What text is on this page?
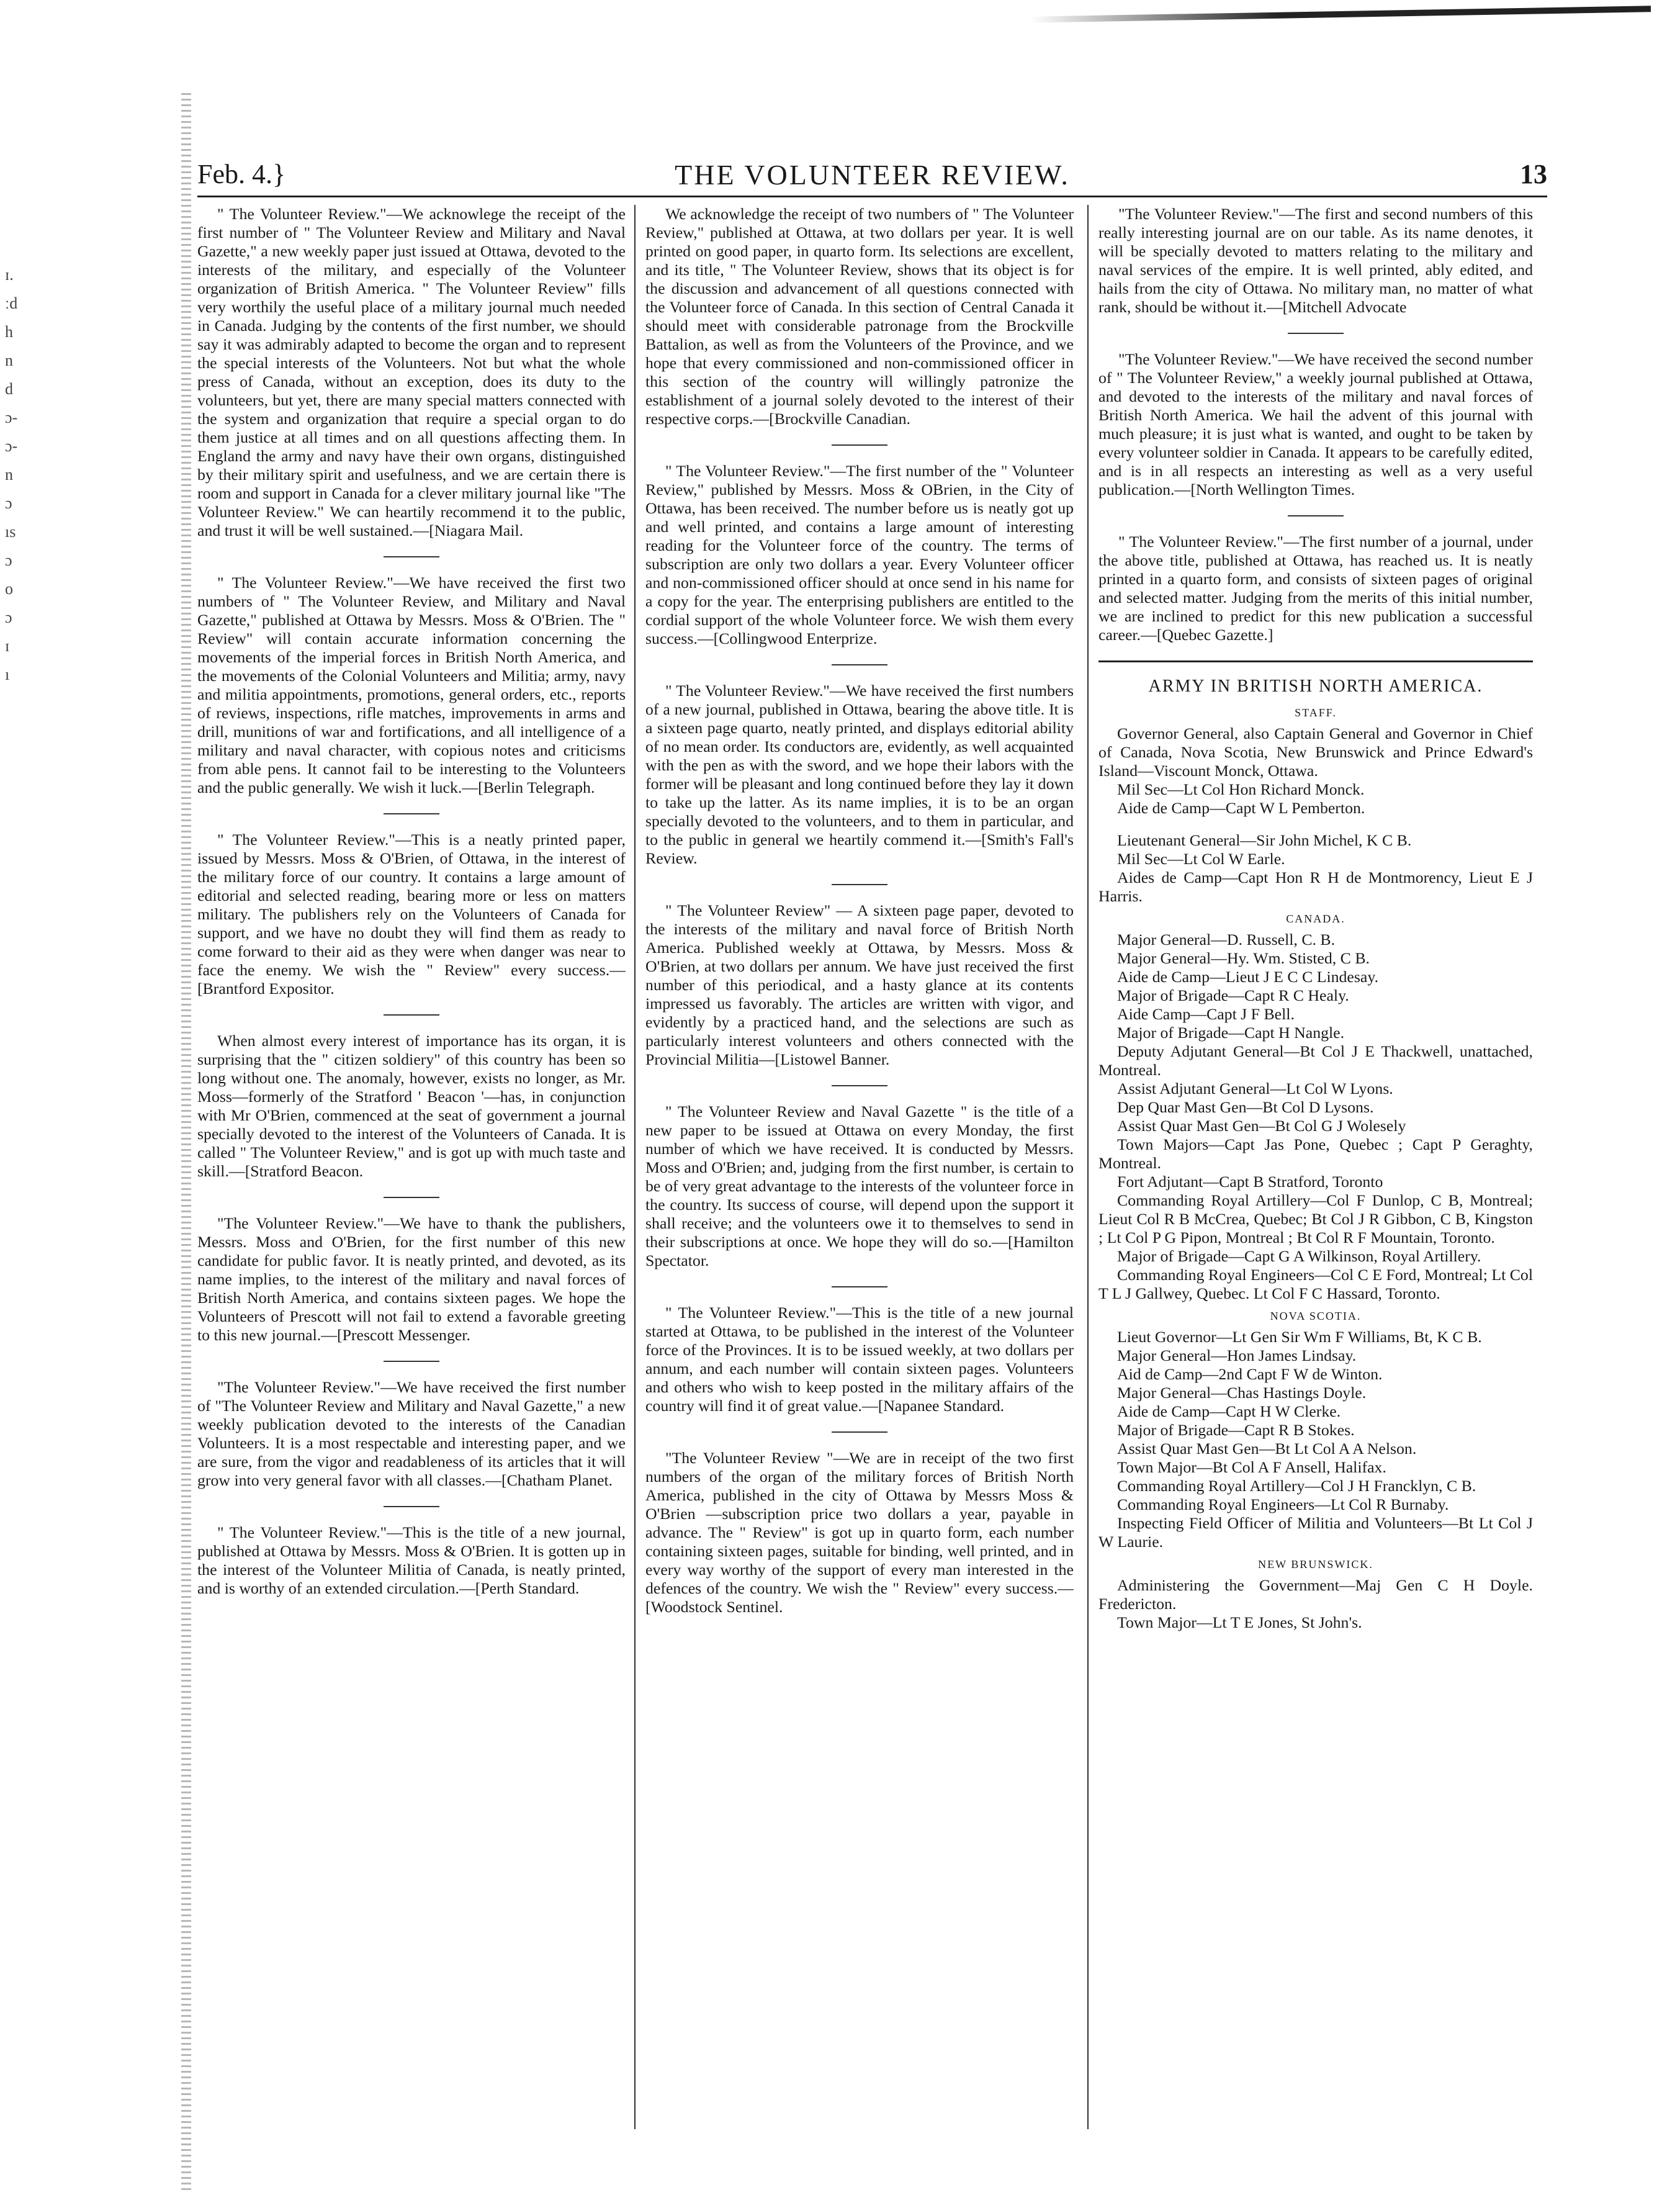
ɪ.
ːd
h
n
d
ɔ-
ɔ-
n
ɔ
ıs
ɔ
o
ɔ
ɪ
ı
Feb. 4.}	THE VOLUNTEER REVIEW.	13

" The Volunteer Review."—We acknowlege the receipt of the first number of " The Volunteer Review and Military and Naval Gazette," a new weekly paper just issued at Ottawa, devoted to the interests of the military, and especially of the Volunteer organization of British America. " The Volunteer Review" fills very worthily the useful place of a military journal much needed in Canada. Judging by the contents of the first number, we should say it was admirably adapted to become the organ and to represent the special interests of the Volunteers. Not but what the whole press of Canada, without an exception, does its duty to the volunteers, but yet, there are many special matters connected with the system and organization that require a special organ to do them justice at all times and on all questions affecting them. In England the army and navy have their own organs, distinguished by their military spirit and usefulness, and we are certain there is room and support in Canada for a clever military journal like "The Volunteer Review." We can heartily recommend it to the public, and trust it will be well sustained.—[Niagara Mail.

" The Volunteer Review."—We have received the first two numbers of " The Volunteer Review, and Military and Naval Gazette," published at Ottawa by Messrs. Moss & O'Brien. The " Review" will contain accurate information concerning the movements of the imperial forces in British North America, and the movements of the Colonial Volunteers and Militia; army, navy and militia appointments, promotions, general orders, etc., reports of reviews, inspections, rifle matches, improvements in arms and drill, munitions of war and fortifications, and all intelligence of a military and naval character, with copious notes and criticisms from able pens. It cannot fail to be interesting to the Volunteers and the public generally. We wish it luck.—[Berlin Telegraph.

" The Volunteer Review."—This is a neatly printed paper, issued by Messrs. Moss & O'Brien, of Ottawa, in the interest of the military force of our country. It contains a large amount of editorial and selected reading, bearing more or less on matters military. The publishers rely on the Volunteers of Canada for support, and we have no doubt they will find them as ready to come forward to their aid as they were when danger was near to face the enemy. We wish the " Review" every success.—[Brantford Expositor.

When almost every interest of importance has its organ, it is surprising that the " citizen soldiery" of this country has been so long without one. The anomaly, however, exists no longer, as Mr. Moss—formerly of the Stratford ' Beacon '—has, in conjunction with Mr O'Brien, commenced at the seat of government a journal specially devoted to the interest of the Volunteers of Canada. It is called " The Volunteer Review," and is got up with much taste and skill.—[Stratford Beacon.

"The Volunteer Review."—We have to thank the publishers, Messrs. Moss and O'Brien, for the first number of this new candidate for public favor. It is neatly printed, and devoted, as its name implies, to the interest of the military and naval forces of British North America, and contains sixteen pages. We hope the Volunteers of Prescott will not fail to extend a favorable greeting to this new journal.—[Prescott Messenger.

"The Volunteer Review."—We have received the first number of "The Volunteer Review and Military and Naval Gazette," a new weekly publication devoted to the interests of the Canadian Volunteers. It is a most respectable and interesting paper, and we are sure, from the vigor and readableness of its articles that it will grow into very general favor with all classes.—[Chatham Planet.

" The Volunteer Review."—This is the title of a new journal, published at Ottawa by Messrs. Moss & O'Brien. It is gotten up in the interest of the Volunteer Militia of Canada, is neatly printed, and is worthy of an extended circulation.—[Perth Standard.

We acknowledge the receipt of two numbers of " The Volunteer Review," published at Ottawa, at two dollars per year. It is well printed on good paper, in quarto form. Its selections are excellent, and its title, " The Volunteer Review, shows that its object is for the discussion and advancement of all questions connected with the Volunteer force of Canada. In this section of Central Canada it should meet with considerable patronage from the Brockville Battalion, as well as from the Volunteers of the Province, and we hope that every commissioned and non-commissioned officer in this section of the country will willingly patronize the establishment of a journal solely devoted to the interest of their respective corps.—[Brockville Canadian.

" The Volunteer Review."—The first number of the " Volunteer Review," published by Messrs. Moss & OBrien, in the City of Ottawa, has been received. The number before us is neatly got up and well printed, and contains a large amount of interesting reading for the Volunteer force of the country. The terms of subscription are only two dollars a year. Every Volunteer officer and non-commissioned officer should at once send in his name for a copy for the year. The enterprising publishers are entitled to the cordial support of the whole Volunteer force. We wish them every success.—[Collingwood Enterprize.

" The Volunteer Review."—We have received the first numbers of a new journal, published in Ottawa, bearing the above title. It is a sixteen page quarto, neatly printed, and displays editorial ability of no mean order. Its conductors are, evidently, as well acquainted with the pen as with the sword, and we hope their labors with the former will be pleasant and long continued before they lay it down to take up the latter. As its name implies, it is to be an organ specially devoted to the volunteers, and to them in particular, and to the public in general we heartily commend it.—[Smith's Fall's Review.

" The Volunteer Review" — A sixteen page paper, devoted to the interests of the military and naval force of British North America. Published weekly at Ottawa, by Messrs. Moss & O'Brien, at two dollars per annum. We have just received the first number of this periodical, and a hasty glance at its contents impressed us favorably. The articles are written with vigor, and evidently by a practiced hand, and the selections are such as particularly interest volunteers and others connected with the Provincial Militia—[Listowel Banner.

" The Volunteer Review and Naval Gazette " is the title of a new paper to be issued at Ottawa on every Monday, the first number of which we have received. It is conducted by Messrs. Moss and O'Brien; and, judging from the first number, is certain to be of very great advantage to the interests of the volunteer force in the country. Its success of course, will depend upon the support it shall receive; and the volunteers owe it to themselves to send in their subscriptions at once. We hope they will do so.—[Hamilton Spectator.

" The Volunteer Review."—This is the title of a new journal started at Ottawa, to be published in the interest of the Volunteer force of the Provinces. It is to be issued weekly, at two dollars per annum, and each number will contain sixteen pages. Volunteers and others who wish to keep posted in the military affairs of the country will find it of great value.—[Napanee Standard.

"The Volunteer Review "—We are in receipt of the two first numbers of the organ of the military forces of British North America, published in the city of Ottawa by Messrs Moss & O'Brien —subscription price two dollars a year, payable in advance. The " Review" is got up in quarto form, each number containing sixteen pages, suitable for binding, well printed, and in every way worthy of the support of every man interested in the defences of the country. We wish the " Review" every success.—[Woodstock Sentinel.

"The Volunteer Review."—The first and second numbers of this really interesting journal are on our table. As its name denotes, it will be specially devoted to matters relating to the military and naval services of the empire. It is well printed, ably edited, and hails from the city of Ottawa. No military man, no matter of what rank, should be without it.—[Mitchell Advocate

"The Volunteer Review."—We have received the second number of " The Volunteer Review," a weekly journal published at Ottawa, and devoted to the interests of the military and naval forces of British North America. We hail the advent of this journal with much pleasure; it is just what is wanted, and ought to be taken by every volunteer soldier in Canada. It appears to be carefully edited, and is in all respects an interesting as well as a very useful publication.—[North Wellington Times.

" The Volunteer Review."—The first number of a journal, under the above title, published at Ottawa, has reached us. It is neatly printed in a quarto form, and consists of sixteen pages of original and selected matter. Judging from the merits of this initial number, we are inclined to predict for this new publication a successful career.—[Quebec Gazette.]

ARMY IN BRITISH NORTH AMERICA.
STAFF.

Governor General, also Captain General and Governor in Chief of Canada, Nova Scotia, New Brunswick and Prince Edward's Island—Viscount Monck, Ottawa.

Mil Sec—Lt Col Hon Richard Monck.

Aide de Camp—Capt W L Pemberton.

Lieutenant General—Sir John Michel, K C B.

Mil Sec—Lt Col W Earle.

Aides de Camp—Capt Hon R H de Montmorency, Lieut E J Harris.

CANADA.

Major General—D. Russell, C. B.

Major General—Hy. Wm. Stisted, C B.

Aide de Camp—Lieut J E C C Lindesay.

Major of Brigade—Capt R C Healy.

Aide Camp—Capt J F Bell.

Major of Brigade—Capt H Nangle.

Deputy Adjutant General—Bt Col J E Thackwell, unattached, Montreal.

Assist Adjutant General—Lt Col W Lyons.

Dep Quar Mast Gen—Bt Col D Lysons.

Assist Quar Mast Gen—Bt Col G J Wolesely

Town Majors—Capt Jas Pone, Quebec ; Capt P Geraghty, Montreal.

Fort Adjutant—Capt B Stratford, Toronto

Commanding Royal Artillery—Col F Dunlop, C B, Montreal; Lieut Col R B McCrea, Quebec; Bt Col J R Gibbon, C B, Kingston ; Lt Col P G Pipon, Montreal ; Bt Col R F Mountain, Toronto.

Major of Brigade—Capt G A Wilkinson, Royal Artillery.

Commanding Royal Engineers—Col C E Ford, Montreal; Lt Col T L J Gallwey, Quebec. Lt Col F C Hassard, Toronto.

NOVA SCOTIA.

Lieut Governor—Lt Gen Sir Wm F Williams, Bt, K C B.

Major General—Hon James Lindsay.

Aid de Camp—2nd Capt F W de Winton.

Major General—Chas Hastings Doyle.

Aide de Camp—Capt H W Clerke.

Major of Brigade—Capt R B Stokes.

Assist Quar Mast Gen—Bt Lt Col A A Nelson.

Town Major—Bt Col A F Ansell, Halifax.

Commanding Royal Artillery—Col J H Francklyn, C B.

Commanding Royal Engineers—Lt Col R Burnaby.

Inspecting Field Officer of Militia and Volunteers—Bt Lt Col J W Laurie.

NEW BRUNSWICK.

Administering the Government—Maj Gen C H Doyle. Fredericton.

Town Major—Lt T E Jones, St John's.
